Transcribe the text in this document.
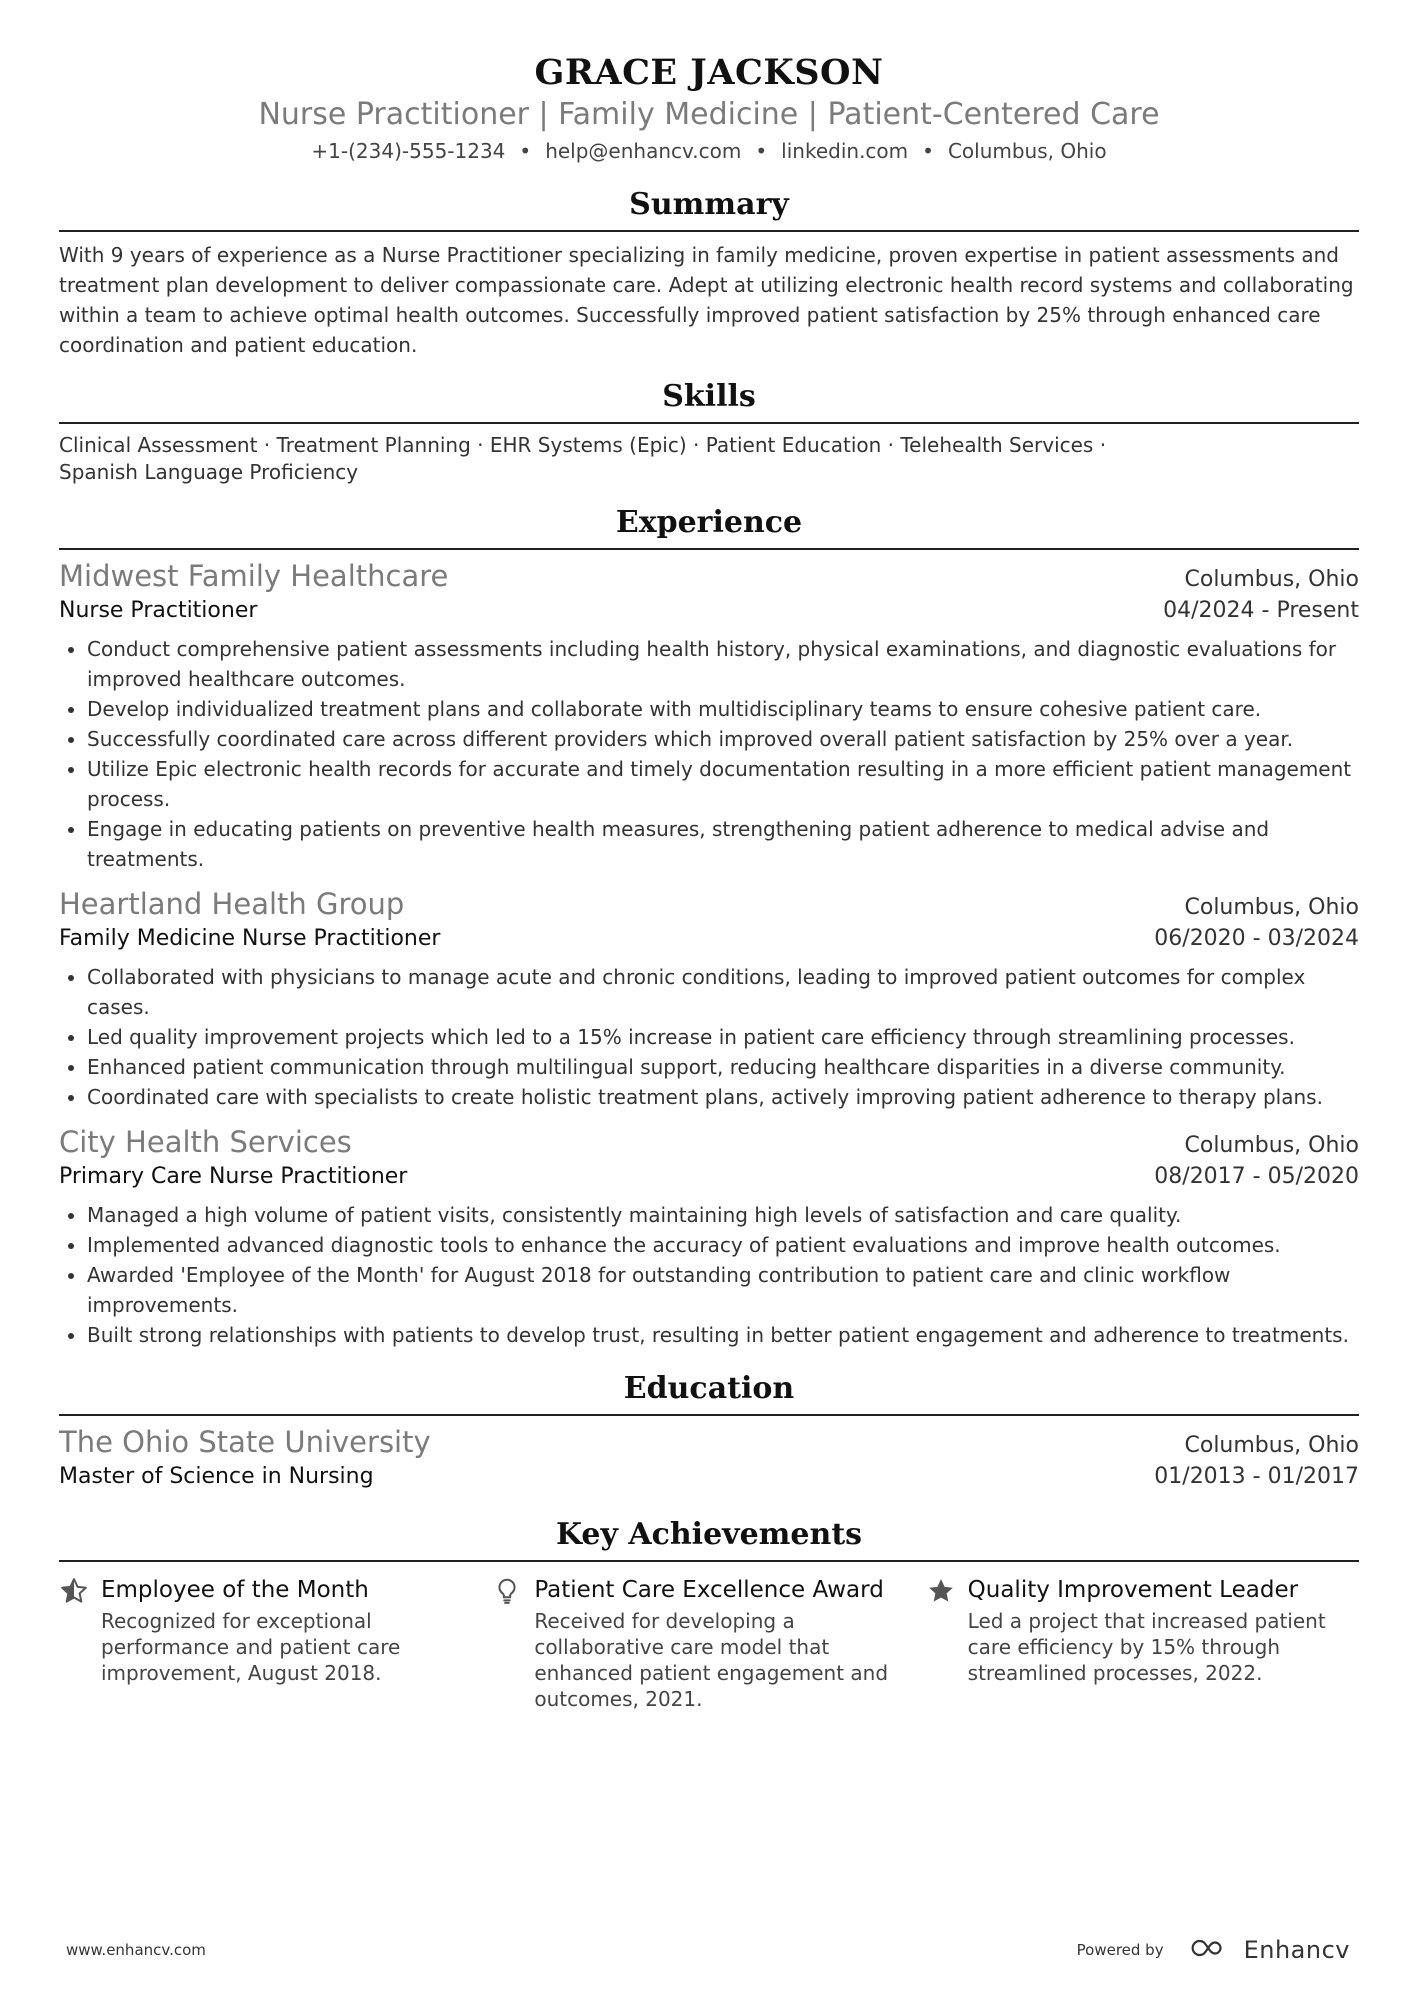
GRACE JACKSON
Nurse Practitioner | Family Medicine | Patient-Centered Care
+1-(234)-555-1234 • help@enhancv.com • linkedin.com • Columbus, Ohio
Summary
With 9 years of experience as a Nurse Practitioner specializing in family medicine, proven expertise in patient assessments and treatment plan development to deliver compassionate care. Adept at utilizing electronic health record systems and collaborating within a team to achieve optimal health outcomes. Successfully improved patient satisfaction by 25% through enhanced care coordination and patient education.
Skills
Clinical Assessment · Treatment Planning · EHR Systems (Epic) · Patient Education · Telehealth Services · Spanish Language Proficiency
Experience
Midwest Family Healthcare	Columbus, Ohio
Nurse Practitioner	04/2024 - Present
• Conduct comprehensive patient assessments including health history, physical examinations, and diagnostic evaluations for improved healthcare outcomes.
• Develop individualized treatment plans and collaborate with multidisciplinary teams to ensure cohesive patient care.
• Successfully coordinated care across different providers which improved overall patient satisfaction by 25% over a year.
• Utilize Epic electronic health records for accurate and timely documentation resulting in a more efficient patient management process.
• Engage in educating patients on preventive health measures, strengthening patient adherence to medical advise and treatments.
Heartland Health Group	Columbus, Ohio
Family Medicine Nurse Practitioner	06/2020 - 03/2024
• Collaborated with physicians to manage acute and chronic conditions, leading to improved patient outcomes for complex cases.
• Led quality improvement projects which led to a 15% increase in patient care efficiency through streamlining processes.
• Enhanced patient communication through multilingual support, reducing healthcare disparities in a diverse community.
• Coordinated care with specialists to create holistic treatment plans, actively improving patient adherence to therapy plans.
City Health Services	Columbus, Ohio
Primary Care Nurse Practitioner	08/2017 - 05/2020
• Managed a high volume of patient visits, consistently maintaining high levels of satisfaction and care quality.
• Implemented advanced diagnostic tools to enhance the accuracy of patient evaluations and improve health outcomes.
• Awarded 'Employee of the Month' for August 2018 for outstanding contribution to patient care and clinic workflow improvements.
• Built strong relationships with patients to develop trust, resulting in better patient engagement and adherence to treatments.
Education
The Ohio State University	Columbus, Ohio
Master of Science in Nursing	01/2013 - 01/2017
Key Achievements
Employee of the Month
Recognized for exceptional performance and patient care improvement, August 2018.
Patient Care Excellence Award
Received for developing a collaborative care model that enhanced patient engagement and outcomes, 2021.
Quality Improvement Leader
Led a project that increased patient care efficiency by 15% through streamlined processes, 2022.
www.enhancv.com	Powered by	Enhancv
